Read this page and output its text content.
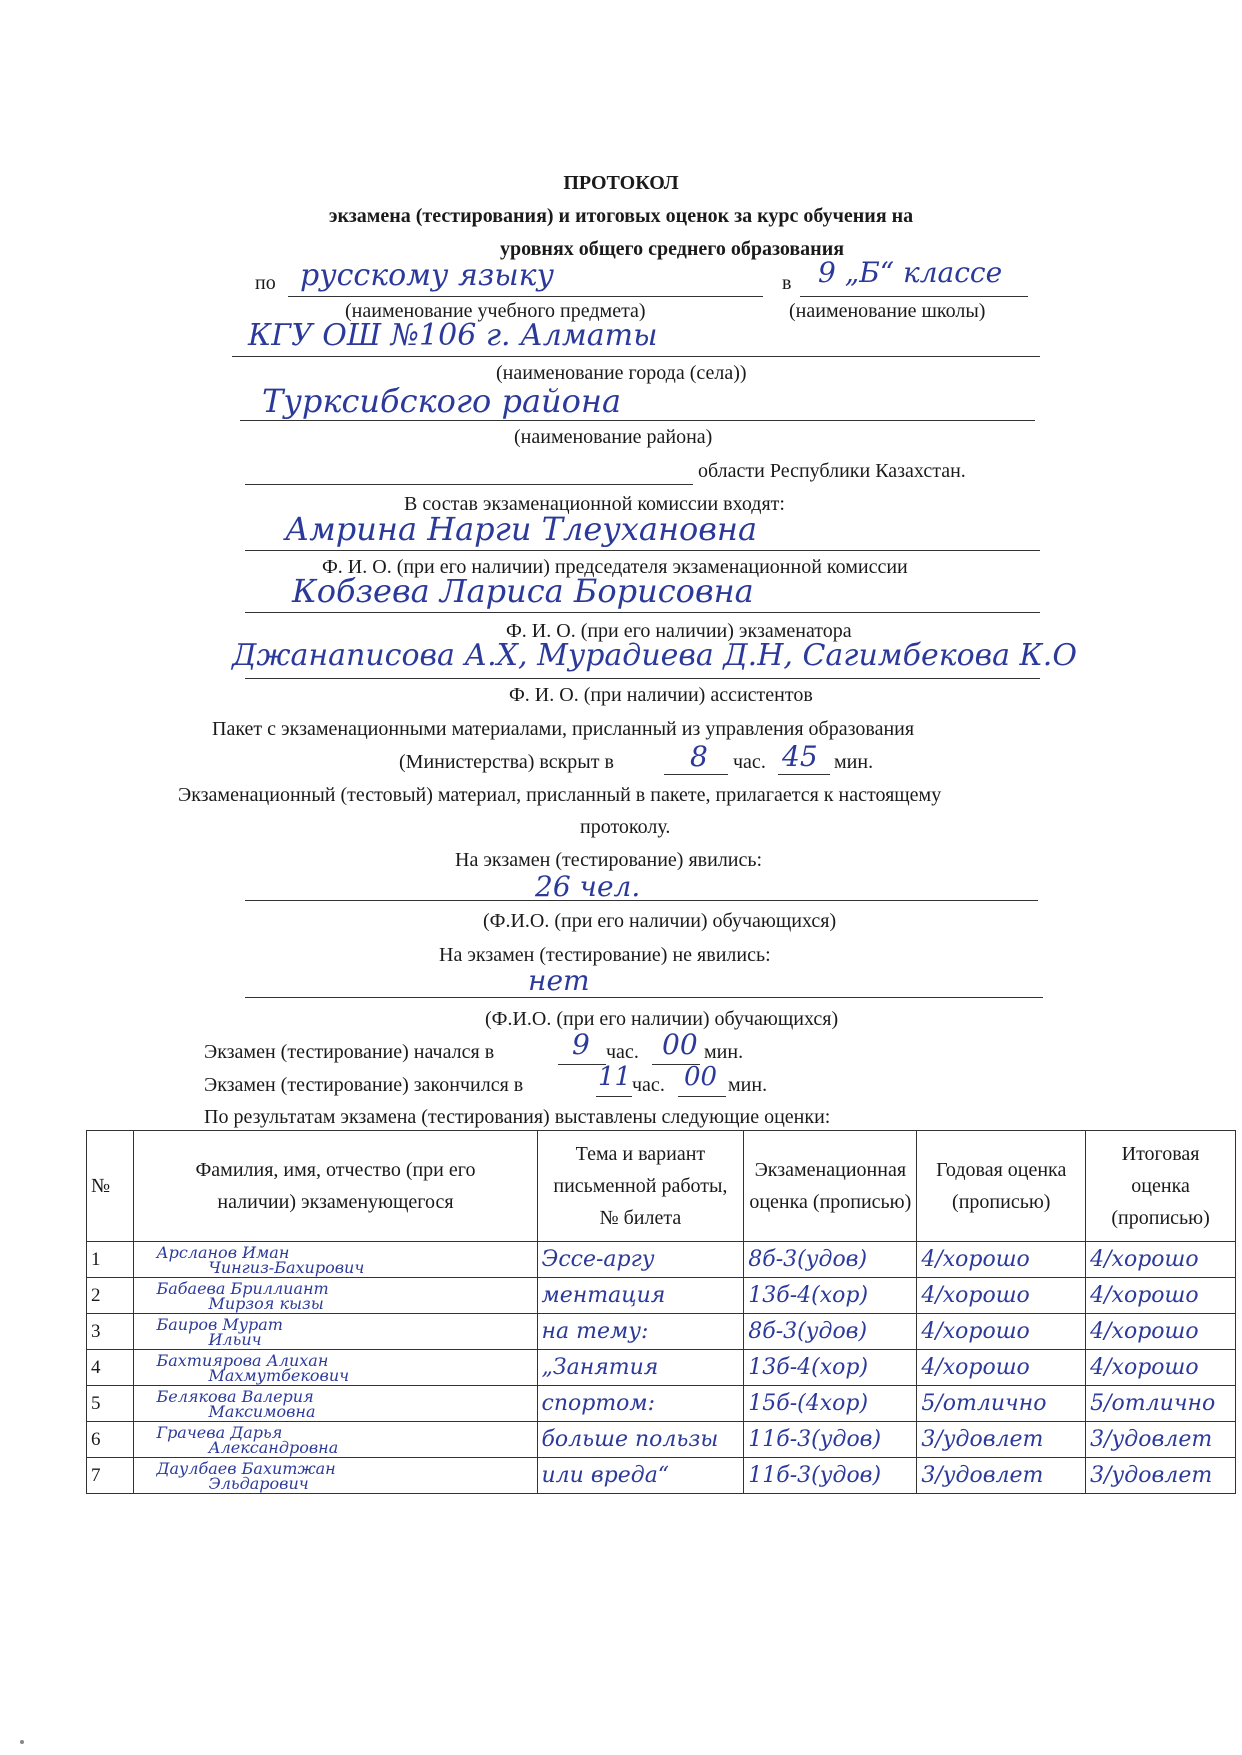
ПРОТОКОЛ
экзамена (тестирования) и итоговых оценок за курс обучения на
уровнях общего среднего образования
по русскому языку	в 9 „Б“ классе
(наименование учебного предмета)	(наименование школы)
КГУ ОШ №106 г. Алматы
(наименование города (села))
Турксибского района
(наименование района)
области Республики Казахстан.
В состав экзаменационной комиссии входят:
Амрина Нарги Тлеухановна
Ф. И. О. (при его наличии) председателя экзаменационной комиссии
Кобзева Лариса Борисовна
Ф. И. О. (при его наличии) экзаменатора
Джанаписова А.Х, Мурадиева Д.Н, Сагимбекова К.О
Ф. И. О. (при наличии) ассистентов
Пакет с экзаменационными материалами, присланный из управления образования
(Министерства) вскрыт в	8 час. 45 мин.
Экзаменационный (тестовый) материал, присланный в пакете, прилагается к настоящему
протоколу.
На экзамен (тестирование) явились:
26 чел.
(Ф.И.О. (при его наличии) обучающихся)
На экзамен (тестирование) не явились:
нет
(Ф.И.О. (при его наличии) обучающихся)
Экзамен (тестирование) начался в	9 час. 00 мин.
Экзамен (тестирование) закончился в	11 час. 00 мин.
По результатам экзамена (тестирования) выставлены следующие оценки:
№	Фамилия, имя, отчество (при его наличии) экзаменующегося	Тема и вариант письменной работы, № билета	Экзаменационная оценка (прописью)	Годовая оценка (прописью)	Итоговая оценка (прописью)
1	Арсланов Иман
Чингиз-Бахирович	Эссе-аргу	8б-3(удов)	4/хорошо	4/хорошо
2	Бабаева Бриллиант
Мирзоя кызы	ментация	13б-4(хор)	4/хорошо	4/хорошо
3	Баиров Мурат
Ильич	на тему:	8б-3(удов)	4/хорошо	4/хорошо
4	Бахтиярова Алихан
Махмутбекович	„Занятия	13б-4(хор)	4/хорошо	4/хорошо
5	Белякова Валерия
Максимовна	спортом:	15б-(4хор)	5/отлично	5/отлично
6	Грачева Дарья
Александровна	больше пользы	11б-3(удов)	3/удовлет	3/удовлет
7	Даулбаев Бахитжан
Эльдарович	или вреда“	11б-3(удов)	3/удовлет	3/удовлет
